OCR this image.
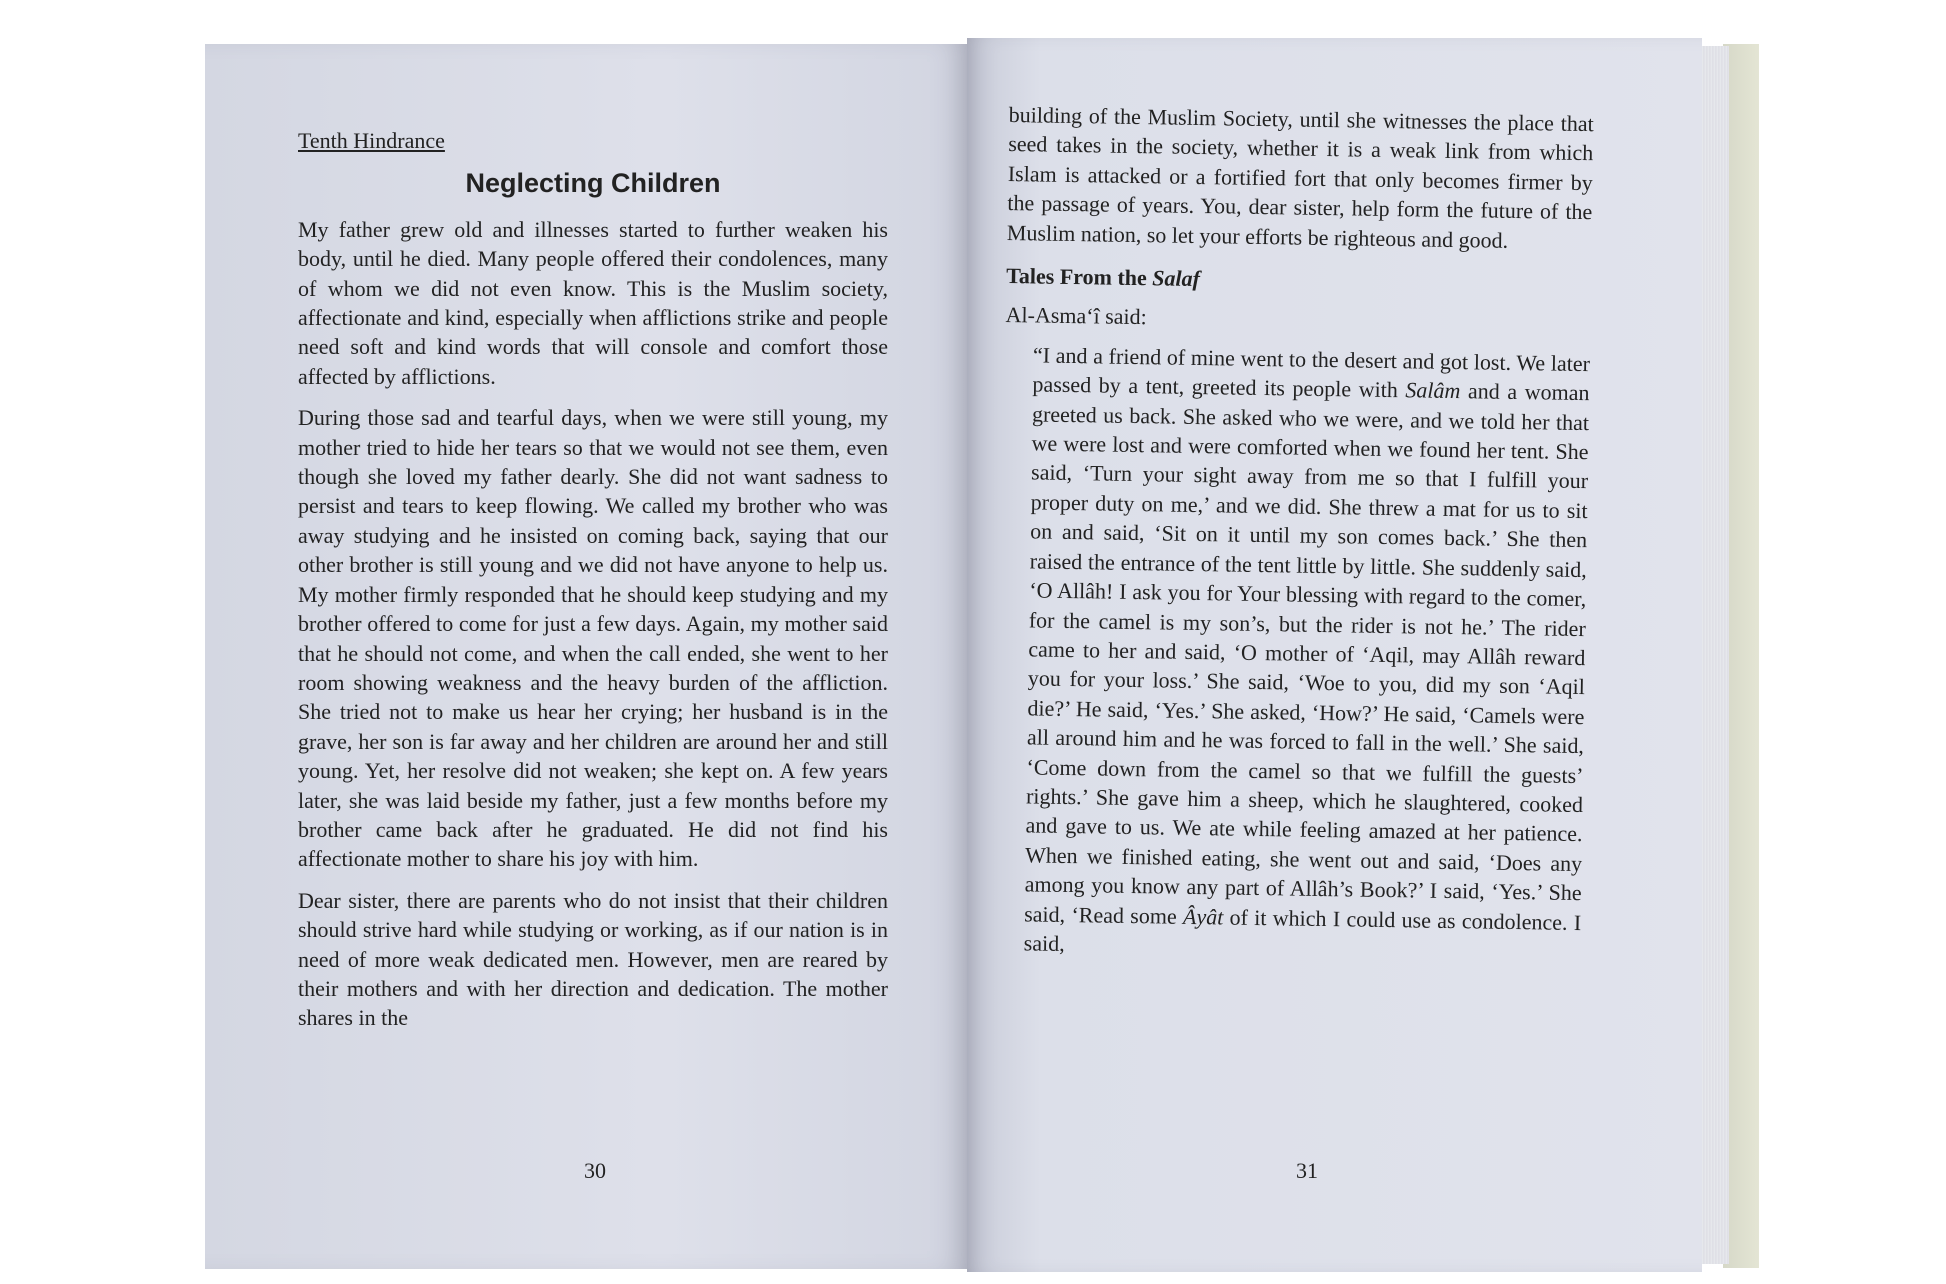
Tenth Hindrance
Neglecting Children

My father grew old and illnesses started to further weaken his body, until he died. Many people offered their condolences, many of whom we did not even know. This is the Muslim society, affectionate and kind, especially when afflictions strike and people need soft and kind words that will console and comfort those affected by afflictions.

During those sad and tearful days, when we were still young, my mother tried to hide her tears so that we would not see them, even though she loved my father dearly. She did not want sadness to persist and tears to keep flowing. We called my brother who was away studying and he insisted on coming back, saying that our other brother is still young and we did not have anyone to help us. My mother firmly responded that he should keep studying and my brother offered to come for just a few days. Again, my mother said that he should not come, and when the call ended, she went to her room showing weakness and the heavy burden of the affliction. She tried not to make us hear her crying; her husband is in the grave, her son is far away and her children are around her and still young. Yet, her resolve did not weaken; she kept on. A few years later, she was laid beside my father, just a few months before my brother came back after he graduated. He did not find his affectionate mother to share his joy with him.

Dear sister, there are parents who do not insist that their children should strive hard while studying or working, as if our nation is in need of more weak dedicated men. However, men are reared by their mothers and with her direction and dedication. The mother shares in the

30

building of the Muslim Society, until she witnesses the place that seed takes in the society, whether it is a weak link from which Islam is attacked or a fortified fort that only becomes firmer by the passage of years. You, dear sister, help form the future of the Muslim nation, so let your efforts be righteous and good.

Tales From the Salaf
Al-Asma‘î said:

“I and a friend of mine went to the desert and got lost. We later passed by a tent, greeted its people with Salâm and a woman greeted us back. She asked who we were, and we told her that we were lost and were comforted when we found her tent. She said, ‘Turn your sight away from me so that I fulfill your proper duty on me,’ and we did. She threw a mat for us to sit on and said, ‘Sit on it until my son comes back.’ She then raised the entrance of the tent little by little. She suddenly said, ‘O Allâh! I ask you for Your blessing with regard to the comer, for the camel is my son’s, but the rider is not he.’ The rider came to her and said, ‘O mother of ‘Aqil, may Allâh reward you for your loss.’ She said, ‘Woe to you, did my son ‘Aqil die?’ He said, ‘Yes.’ She asked, ‘How?’ He said, ‘Camels were all around him and he was forced to fall in the well.’ She said, ‘Come down from the camel so that we fulfill the guests’ rights.’ She gave him a sheep, which he slaughtered, cooked and gave to us. We ate while feeling amazed at her patience. When we finished eating, she went out and said, ‘Does any among you know any part of Allâh’s Book?’ I said, ‘Yes.’ She said, ‘Read some Âyât of it which I could use as condolence. I said,

31
